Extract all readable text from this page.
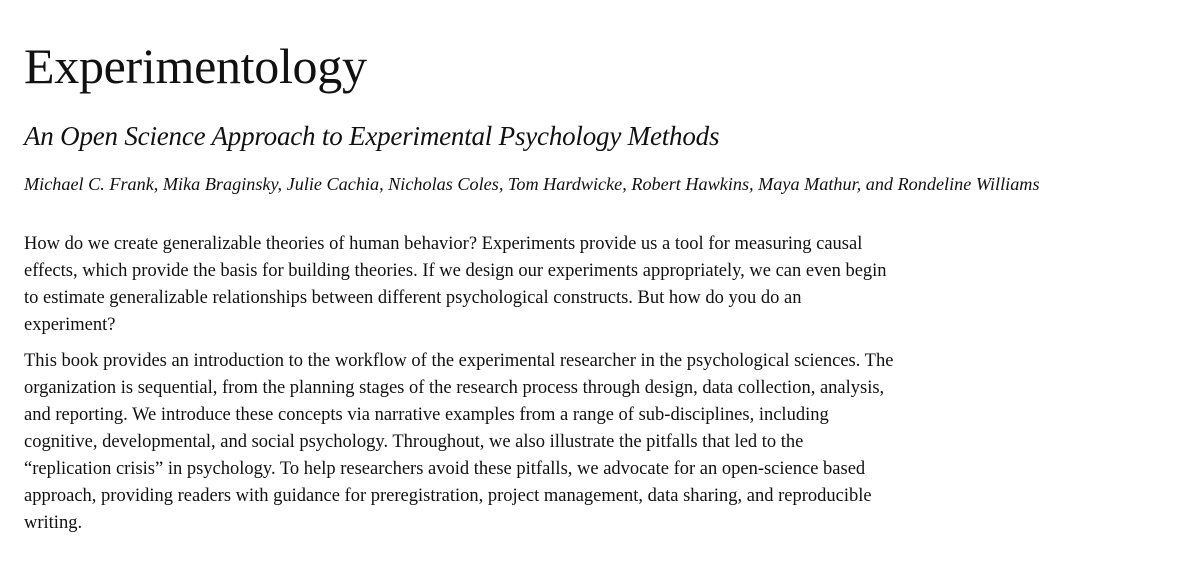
Experimentology
An Open Science Approach to Experimental Psychology Methods

Michael C. Frank, Mika Braginsky, Julie Cachia, Nicholas Coles, Tom Hardwicke, Robert Hawkins, Maya Mathur, and Rondeline Williams

How do we create generalizable theories of human behavior? Experiments provide us a tool for measuring causal effects, which provide the basis for building theories. If we design our experiments appropriately, we can even begin to estimate generalizable relationships between different psychological constructs. But how do you do an experiment?

This book provides an introduction to the workflow of the experimental researcher in the psychological sciences. The organization is sequential, from the planning stages of the research process through design, data collection, analysis, and reporting. We introduce these concepts via narrative examples from a range of sub-disciplines, including cognitive, developmental, and social psychology. Throughout, we also illustrate the pitfalls that led to the “replication crisis” in psychology. To help researchers avoid these pitfalls, we advocate for an open-science based approach, providing readers with guidance for preregistration, project management, data sharing, and reproducible writing.
